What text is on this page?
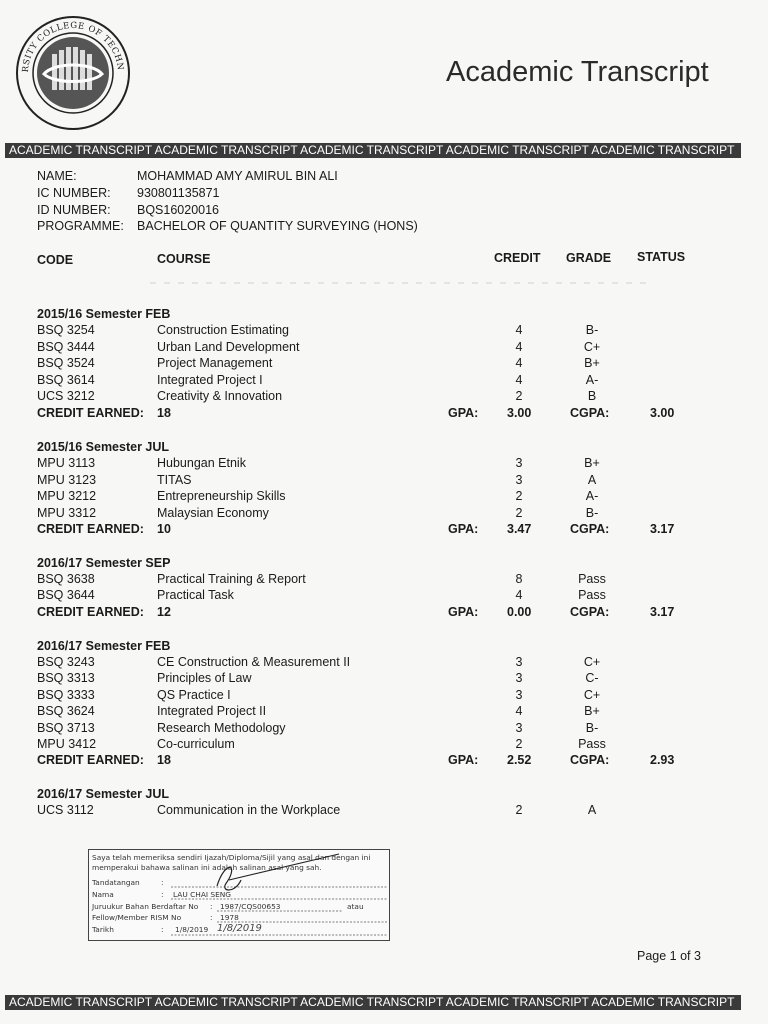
RSITY COLLEGE OF TECHN	Academic Transcript
ACADEMIC TRANSCRIPT ACADEMIC TRANSCRIPT ACADEMIC TRANSCRIPT ACADEMIC TRANSCRIPT ACADEMIC TRANSCRIPT
NAME:	MOHAMMAD AMY AMIRUL BIN ALI
IC NUMBER: 930801135871
ID NUMBER: BQS16020016
PROGRAMME: BACHELOR OF QUANTITY SURVEYING (HONS)
CODE	COURSE	CREDIT GRADE STATUS
2015/16 Semester FEB
BSQ 3254	Construction Estimating	4	B-
BSQ 3444	Urban Land Development	4	C+
BSQ 3524	Project Management	4	B+
BSQ 3614	Integrated Project I	4	A-
UCS 3212	Creativity & Innovation	2	B
CREDIT EARNED: 18	GPA: 3.00	CGPA:	3.00
2015/16 Semester JUL
MPU 3113	Hubungan Etnik	3	B+
MPU 3123	TITAS	3	A
MPU 3212	Entrepreneurship Skills	2	A-
MPU 3312	Malaysian Economy	2	B-
CREDIT EARNED: 10	GPA: 3.47	CGPA:	3.17
2016/17 Semester SEP
BSQ 3638	Practical Training & Report	8	Pass
BSQ 3644	Practical Task	4	Pass
CREDIT EARNED: 12	GPA: 0.00	CGPA:	3.17
2016/17 Semester FEB
BSQ 3243	CE Construction & Measurement II	3	C+
BSQ 3313	Principles of Law	3	C-
BSQ 3333	QS Practice I	3	C+
BSQ 3624	Integrated Project II	4	B+
BSQ 3713	Research Methodology	3	B-
MPU 3412	Co-curriculum	2	Pass
CREDIT EARNED: 18	GPA: 2.52	CGPA:	2.93
2016/17 Semester JUL
UCS 3112	Communication in the Workplace	2	A
Saya telah memeriksa sendiri Ijazah/Diploma/Sijil yang asal dan dengan ini
memperakui bahawa salinan ini adalah salinan asal yang sah.
Tandatangan	:
Nama	: LAU CHAI SENG
Juruukur Bahan Berdaftar No : 1987/CQS00653	atau
Fellow/Member RISM No	: 1978
Tarikh	: 1/8/2019 1/8/2019
Page 1 of 3
ACADEMIC TRANSCRIPT ACADEMIC TRANSCRIPT ACADEMIC TRANSCRIPT ACADEMIC TRANSCRIPT ACADEMIC TRANSCRIPT
